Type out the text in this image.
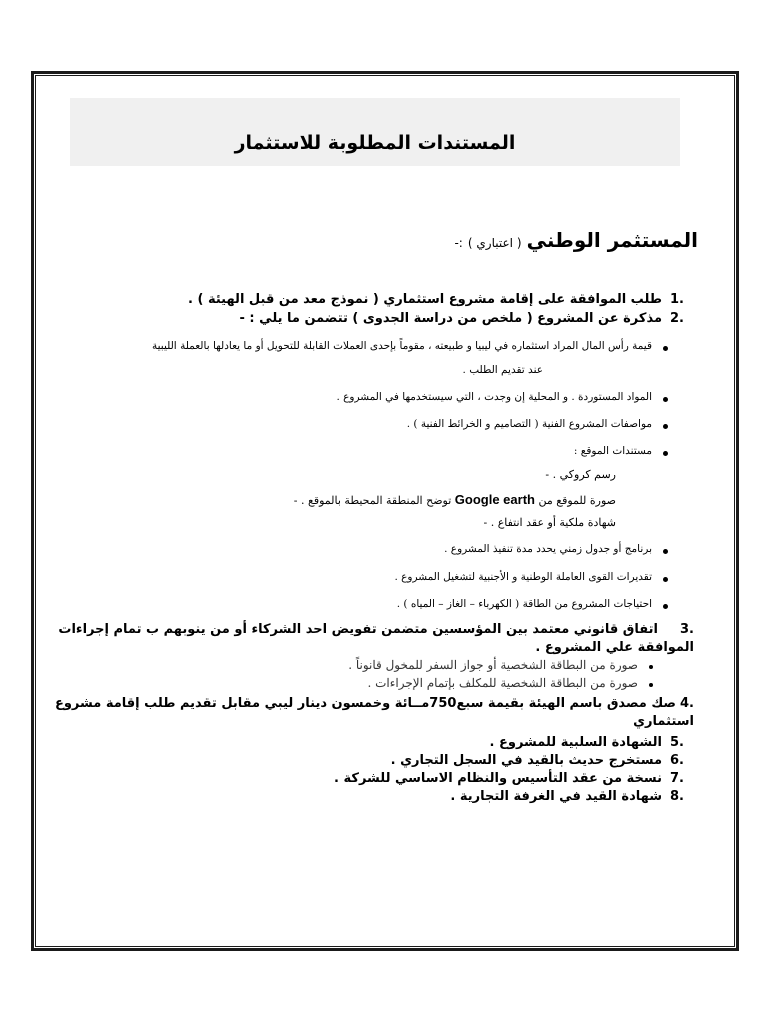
المستندات المطلوبة للاستثمار
المستثمر الوطني ( اعتباري ) :-
طلب الموافقة على إقامة مشروع استثماري ( نموذج معد من قبل الهيئة ) . .1
مذكرة عن المشروع ( ملخص من دراسة الجدوى ) تتضمن ما يلي : - .2
قيمة رأس المال المراد استثماره في ليبيا و طبيعته ، مقوماً بإحدى العملات القابلة للتحويل أو ما يعادلها بالعملة الليبية
عند تقديم الطلب .
المواد المستوردة . و المحلية إن وجدت ، التي سيستخدمها في المشروع .
مواصفات المشروع الفنية ( التصاميم و الخرائط الفنية ) .
مستندات الموقع :
رسم كروكي . -
صورة للموقع من Google earth توضح المنطقة المحيطة بالموقع . -
شهادة ملكية أو عقد انتفاع . -
برنامج أو جدول زمني يحدد مدة تنفيذ المشروع .
تقديرات القوى العاملة الوطنية و الأجنبية لتشغيل المشروع .
احتياجات المشروع من الطاقة ( الكهرباء – الغاز – المياه ) .
.3
اتفاق قانوني معتمد بين المؤسسين متضمن تفويض احد الشركاء أو من ينوبهم ب تمام إجراءات
الموافقة علي المشروع .
صورة من البطاقة الشخصية أو جواز السفر للمخول قانوناً .
صورة من البطاقة الشخصية للمكلف بإتمام الإجراءات .
.4
صك مصدق باسم الهيئة بقيمة سبع750مــائة وخمسون دينار ليبي مقابل تقديم طلب إقامة مشروع
استثماري
الشهادة السلبية للمشروع . .5
مستخرج حديث بالقيد في السجل التجاري . .6
نسخة من عقد التأسيس والنظام الاساسي للشركة . .7
شهادة القيد في الغرفة التجارية . .8
